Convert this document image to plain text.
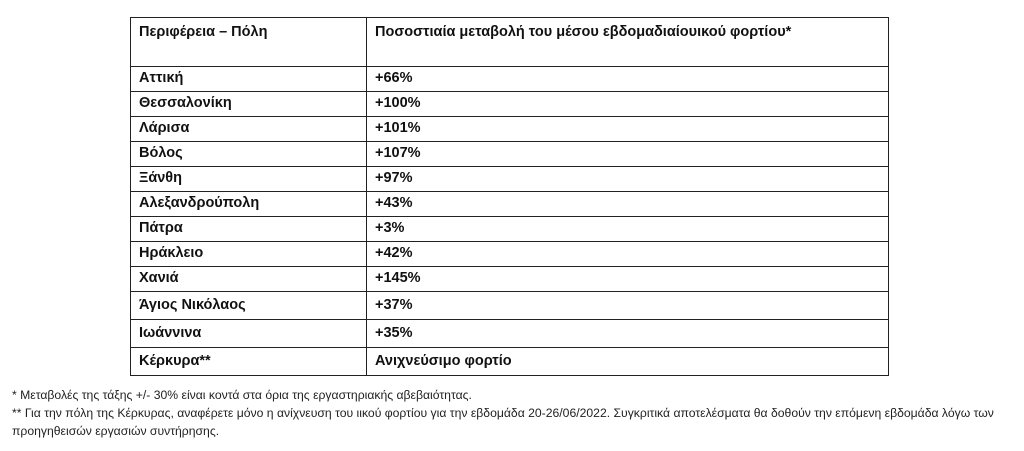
Περιφέρεια – Πόλη	Ποσοστιαία μεταβολή του μέσου εβδομαδιαίουικού φορτίου*
Αττική	+66%
Θεσσαλονίκη	+100%
Λάρισα	+101%
Βόλος	+107%
Ξάνθη	+97%
Αλεξανδρούπολη	+43%
Πάτρα	+3%
Ηράκλειο	+42%
Χανιά	+145%
Άγιος Νικόλαος	+37%
Ιωάννινα	+35%
Κέρκυρα**	Ανιχνεύσιμο φορτίο

* Μεταβολές της τάξης +/- 30% είναι κοντά στα όρια της εργαστηριακής αβεβαιότητας.

** Για την πόλη της Κέρκυρας, αναφέρετε μόνο η ανίχνευση του ιικού φορτίου για την εβδομάδα 20-26/06/2022. Συγκριτικά αποτελέσματα θα δοθούν την επόμενη εβδομάδα λόγω των προηγηθεισών εργασιών συντήρησης.
